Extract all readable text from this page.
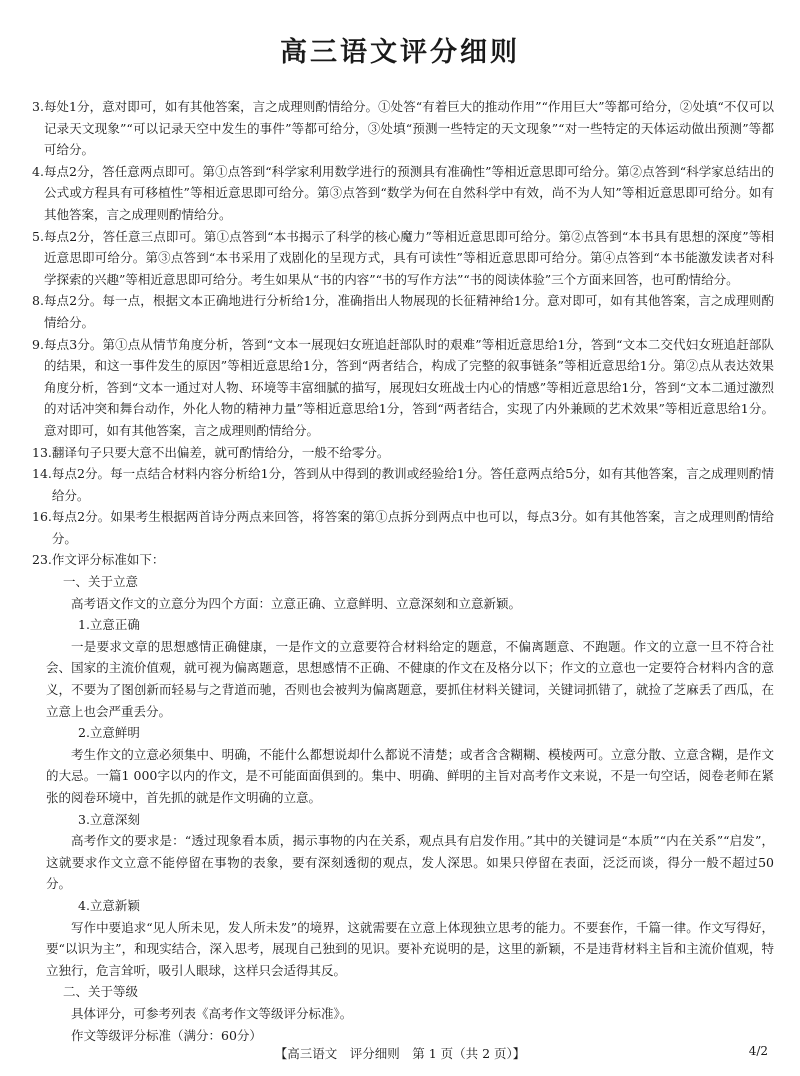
高三语文评分细则
3. 每处1分，意对即可，如有其他答案，言之成理则酌情给分。①处答“有着巨大的推动作用”“作用巨大”等都可给分，②处填“不仅可以记录天文现象”“可以记录天空中发生的事件”等都可给分，③处填“预测一些特定的天文现象”“对一些特定的天体运动做出预测”等都可给分。
4. 每点2分，答任意两点即可。第①点答到“科学家利用数学进行的预测具有准确性”等相近意思即可给分。第②点答到“科学家总结出的公式或方程具有可移植性”等相近意思即可给分。第③点答到“数学为何在自然科学中有效，尚不为人知”等相近意思即可给分。如有其他答案，言之成理则酌情给分。
5. 每点2分，答任意三点即可。第①点答到“本书揭示了科学的核心魔力”等相近意思即可给分。第②点答到“本书具有思想的深度”等相近意思即可给分。第③点答到“本书采用了戏剧化的呈现方式，具有可读性”等相近意思即可给分。第④点答到“本书能激发读者对科学探索的兴趣”等相近意思即可给分。考生如果从“书的内容”“书的写作方法”“书的阅读体验”三个方面来回答，也可酌情给分。
8. 每点2分。每一点，根据文本正确地进行分析给1分，准确指出人物展现的长征精神给1分。意对即可，如有其他答案，言之成理则酌情给分。
9. 每点3分。第①点从情节角度分析，答到“文本一展现妇女班追赶部队时的艰难”等相近意思给1分，答到“文本二交代妇女班追赶部队的结果，和这一事件发生的原因”等相近意思给1分，答到“两者结合，构成了完整的叙事链条”等相近意思给1分。第②点从表达效果角度分析，答到“文本一通过对人物、环境等丰富细腻的描写，展现妇女班战士内心的情感”等相近意思给1分，答到“文本二通过激烈的对话冲突和舞台动作，外化人物的精神力量”等相近意思给1分，答到“两者结合，实现了内外兼顾的艺术效果”等相近意思给1分。意对即可，如有其他答案，言之成理则酌情给分。
13. 翻译句子只要大意不出偏差，就可酌情给分，一般不给零分。
14. 每点2分。每一点结合材料内容分析给1分，答到从中得到的教训或经验给1分。答任意两点给5分，如有其他答案，言之成理则酌情给分。
16. 每点2分。如果考生根据两首诗分两点来回答，将答案的第①点拆分到两点中也可以，每点3分。如有其他答案，言之成理则酌情给分。
23. 作文评分标准如下：
一、关于立意
高考语文作文的立意分为四个方面：立意正确、立意鲜明、立意深刻和立意新颖。
1.立意正确
一是要求文章的思想感情正确健康，一是作文的立意要符合材料给定的题意，不偏离题意、不跑题。作文的立意一旦不符合社会、国家的主流价值观，就可视为偏离题意，思想感情不正确、不健康的作文在及格分以下；作文的立意也一定要符合材料内含的意义，不要为了图创新而轻易与之背道而驰，否则也会被判为偏离题意，要抓住材料关键词，关键词抓错了，就捡了芝麻丢了西瓜，在立意上也会严重丢分。
2.立意鲜明
考生作文的立意必须集中、明确，不能什么都想说却什么都说不清楚；或者含含糊糊、模棱两可。立意分散、立意含糊，是作文的大忌。一篇1 000字以内的作文，是不可能面面俱到的。集中、明确、鲜明的主旨对高考作文来说，不是一句空话，阅卷老师在紧张的阅卷环境中，首先抓的就是作文明确的立意。
3.立意深刻
高考作文的要求是：“透过现象看本质，揭示事物的内在关系，观点具有启发作用。”其中的关键词是“本质”“内在关系”“启发”，这就要求作文立意不能停留在事物的表象，要有深刻透彻的观点，发人深思。如果只停留在表面，泛泛而谈，得分一般不超过50分。
4.立意新颖
写作中要追求“见人所未见，发人所未发”的境界，这就需要在立意上体现独立思考的能力。不要套作，千篇一律。作文写得好，要“以识为主”，和现实结合，深入思考，展现自己独到的见识。要补充说明的是，这里的新颖，不是违背材料主旨和主流价值观，特立独行，危言耸听，吸引人眼球，这样只会适得其反。
二、关于等级
具体评分，可参考列表《高考作文等级评分标准》。
作文等级评分标准（满分：60分）
【高三语文　评分细则　第 1 页（共 2 页）】	4/2
